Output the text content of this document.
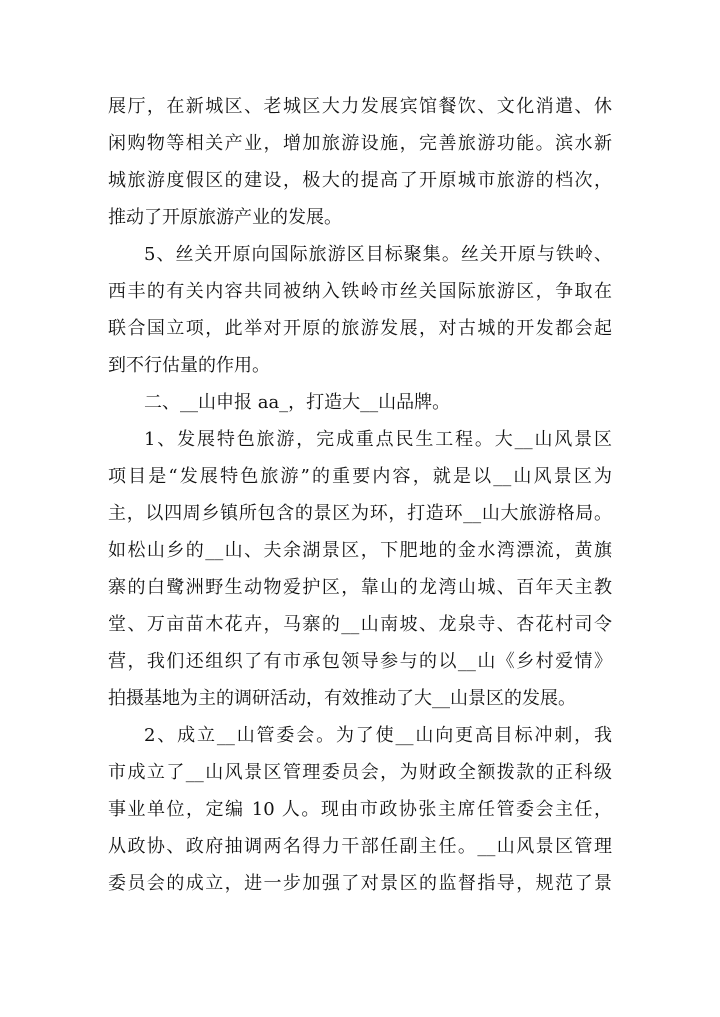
展厅，在新城区、老城区大力发展宾馆餐饮、文化消遣、休
闲购物等相关产业，增加旅游设施，完善旅游功能。滨水新
城旅游度假区的建设，极大的提高了开原城市旅游的档次，
推动了开原旅游产业的发展。
5、丝关开原向国际旅游区目标聚集。丝关开原与铁岭、
西丰的有关内容共同被纳入铁岭市丝关国际旅游区，争取在
联合国立项，此举对开原的旅游发展，对古城的开发都会起
到不行估量的作用。
二、__山申报 aa_，打造大__山品牌。
1、发展特色旅游，完成重点民生工程。大__山风景区
项目是“发展特色旅游”的重要内容，就是以__山风景区为
主，以四周乡镇所包含的景区为环，打造环__山大旅游格局。
如松山乡的__山、夫余湖景区，下肥地的金水湾漂流，黄旗
寨的白鹭洲野生动物爱护区，靠山的龙湾山城、百年天主教
堂、万亩苗木花卉，马寨的__山南坡、龙泉寺、杏花村司令
营，我们还组织了有市承包领导参与的以__山《乡村爱情》
拍摄基地为主的调研活动，有效推动了大__山景区的发展。
2、成立__山管委会。为了使__山向更高目标冲刺，我
市成立了__山风景区管理委员会，为财政全额拨款的正科级
事业单位，定编 10 人。现由市政协张主席任管委会主任，
从政协、政府抽调两名得力干部任副主任。__山风景区管理
委员会的成立，进一步加强了对景区的监督指导，规范了景
